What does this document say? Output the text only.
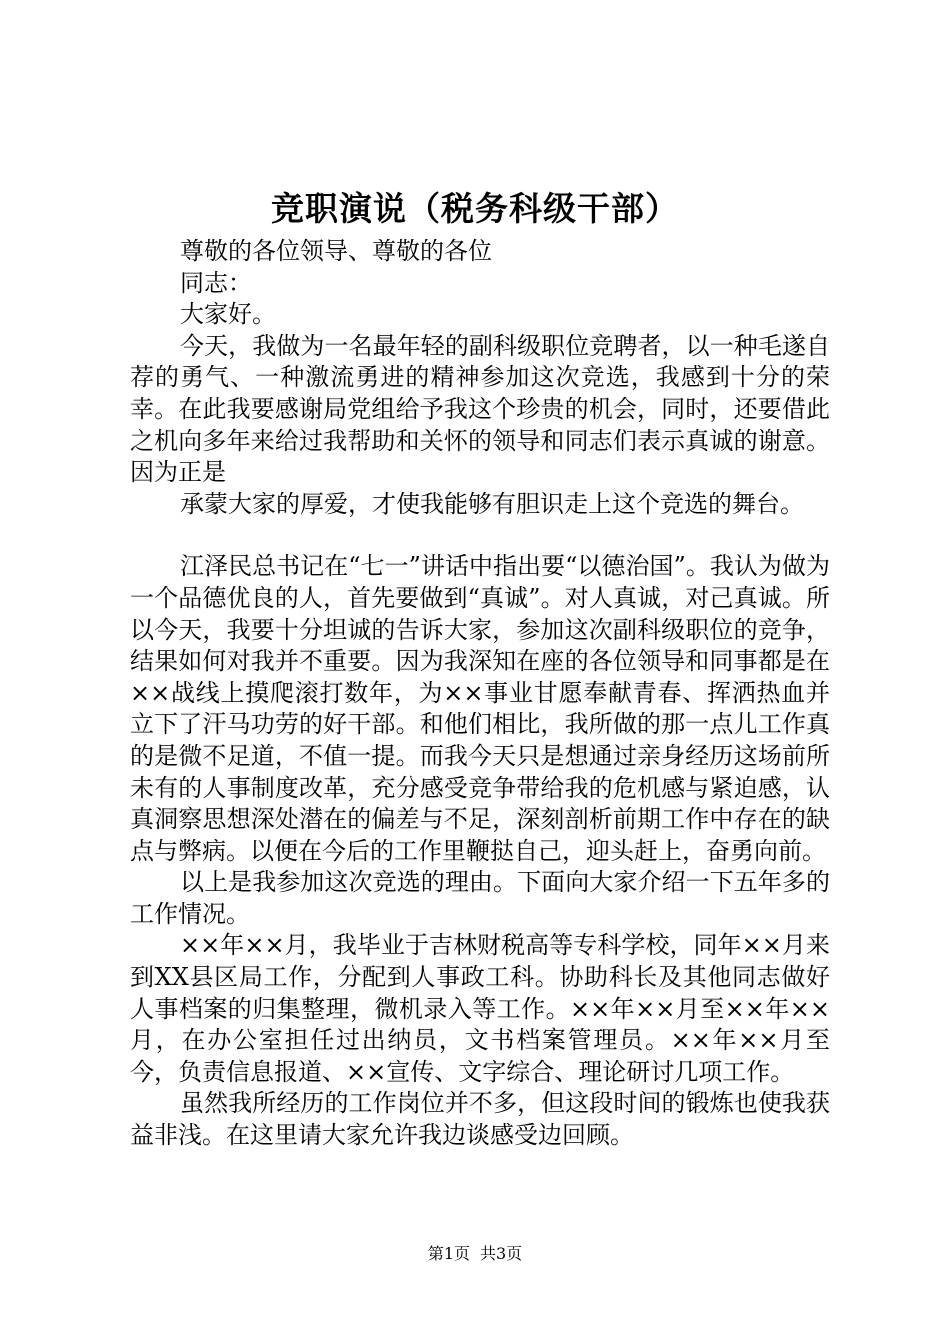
竞职演说（税务科级干部）

尊敬的各位领导、尊敬的各位

同志：

大家好。

今天，我做为一名最年轻的副科级职位竞聘者，以一种毛遂自荐的勇气、一种激流勇进的精神参加这次竞选，我感到十分的荣幸。在此我要感谢局党组给予我这个珍贵的机会，同时，还要借此之机向多年来给过我帮助和关怀的领导和同志们表示真诚的谢意。因为正是

承蒙大家的厚爱，才使我能够有胆识走上这个竞选的舞台。

江泽民总书记在“七一”讲话中指出要“以德治国”。我认为做为一个品德优良的人，首先要做到“真诚”。对人真诚，对己真诚。所以今天，我要十分坦诚的告诉大家，参加这次副科级职位的竞争，结果如何对我并不重要。因为我深知在座的各位领导和同事都是在××战线上摸爬滚打数年，为××事业甘愿奉献青春、挥洒热血并立下了汗马功劳的好干部。和他们相比，我所做的那一点儿工作真的是微不足道，不值一提。而我今天只是想通过亲身经历这场前所未有的人事制度改革，充分感受竞争带给我的危机感与紧迫感，认真洞察思想深处潜在的偏差与不足，深刻剖析前期工作中存在的缺点与弊病。以便在今后的工作里鞭挞自己，迎头赶上，奋勇向前。

以上是我参加这次竞选的理由。下面向大家介绍一下五年多的工作情况。

××年××月，我毕业于吉林财税高等专科学校，同年××月来到XX县区局工作，分配到人事政工科。协助科长及其他同志做好人事档案的归集整理，微机录入等工作。××年××月至××年××月，在办公室担任过出纳员，文书档案管理员。××年××月至今，负责信息报道、××宣传、文字综合、理论研讨几项工作。

虽然我所经历的工作岗位并不多，但这段时间的锻炼也使我获益非浅。在这里请大家允许我边谈感受边回顾。

第1页 共3页
